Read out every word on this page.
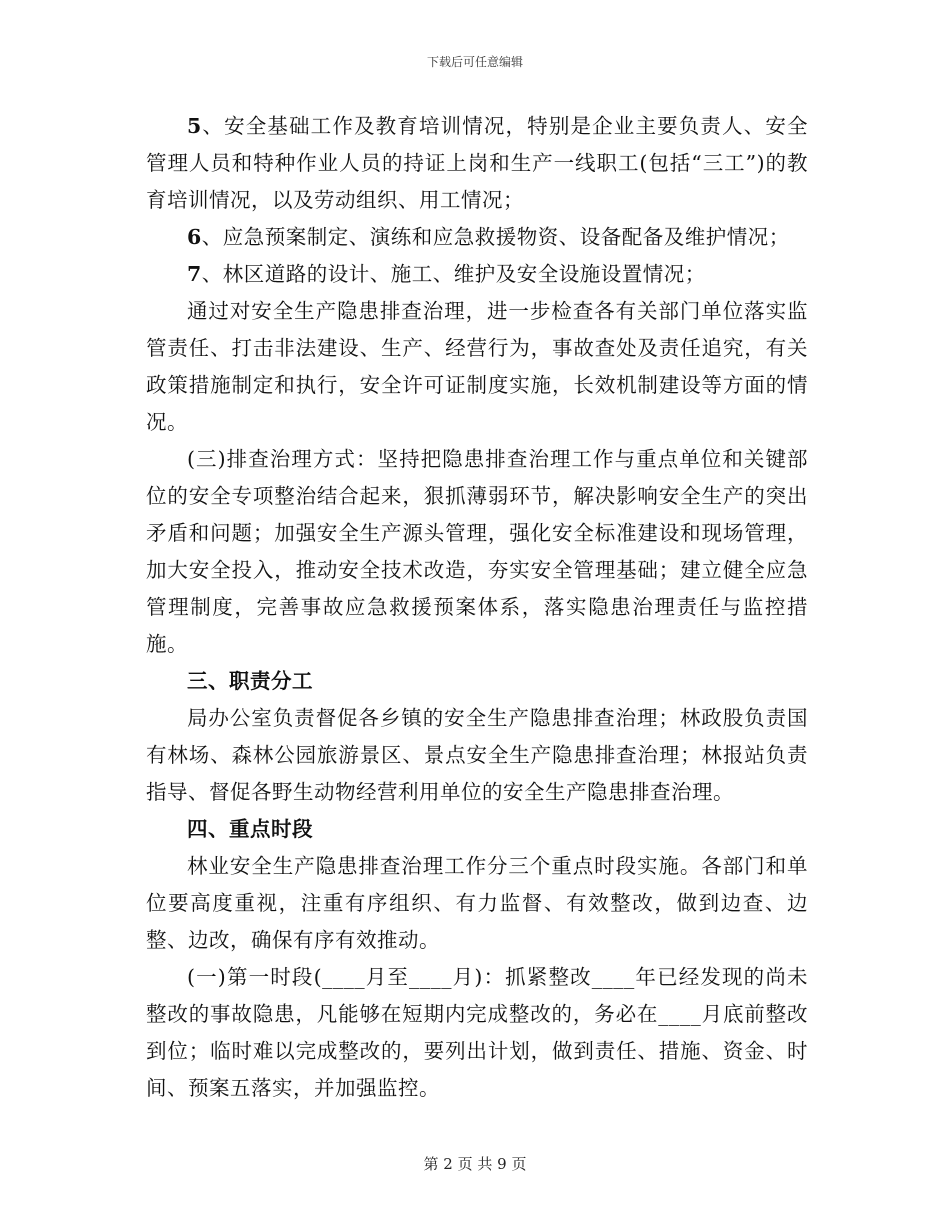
下载后可任意编辑

5、安全基础工作及教育培训情况，特别是企业主要负责人、安全管理人员和特种作业人员的持证上岗和生产一线职工(包括“三工”)的教育培训情况，以及劳动组织、用工情况；

6、应急预案制定、演练和应急救援物资、设备配备及维护情况；

7、林区道路的设计、施工、维护及安全设施设置情况；

通过对安全生产隐患排查治理，进一步检查各有关部门单位落实监管责任、打击非法建设、生产、经营行为，事故查处及责任追究，有关政策措施制定和执行，安全许可证制度实施，长效机制建设等方面的情况。

(三)排查治理方式：坚持把隐患排查治理工作与重点单位和关键部位的安全专项整治结合起来，狠抓薄弱环节，解决影响安全生产的突出矛盾和问题；加强安全生产源头管理，强化安全标准建设和现场管理，加大安全投入，推动安全技术改造，夯实安全管理基础；建立健全应急管理制度，完善事故应急救援预案体系，落实隐患治理责任与监控措施。

三、职责分工

局办公室负责督促各乡镇的安全生产隐患排查治理；林政股负责国有林场、森林公园旅游景区、景点安全生产隐患排查治理；林报站负责指导、督促各野生动物经营利用单位的安全生产隐患排查治理。

四、重点时段

林业安全生产隐患排查治理工作分三个重点时段实施。各部门和单位要高度重视，注重有序组织、有力监督、有效整改，做到边查、边整、边改，确保有序有效推动。

(一)第一时段(____月至____月)：抓紧整改____年已经发现的尚未整改的事故隐患，凡能够在短期内完成整改的，务必在____月底前整改到位；临时难以完成整改的，要列出计划，做到责任、措施、资金、时间、预案五落实，并加强监控。

第 2 页 共 9 页
